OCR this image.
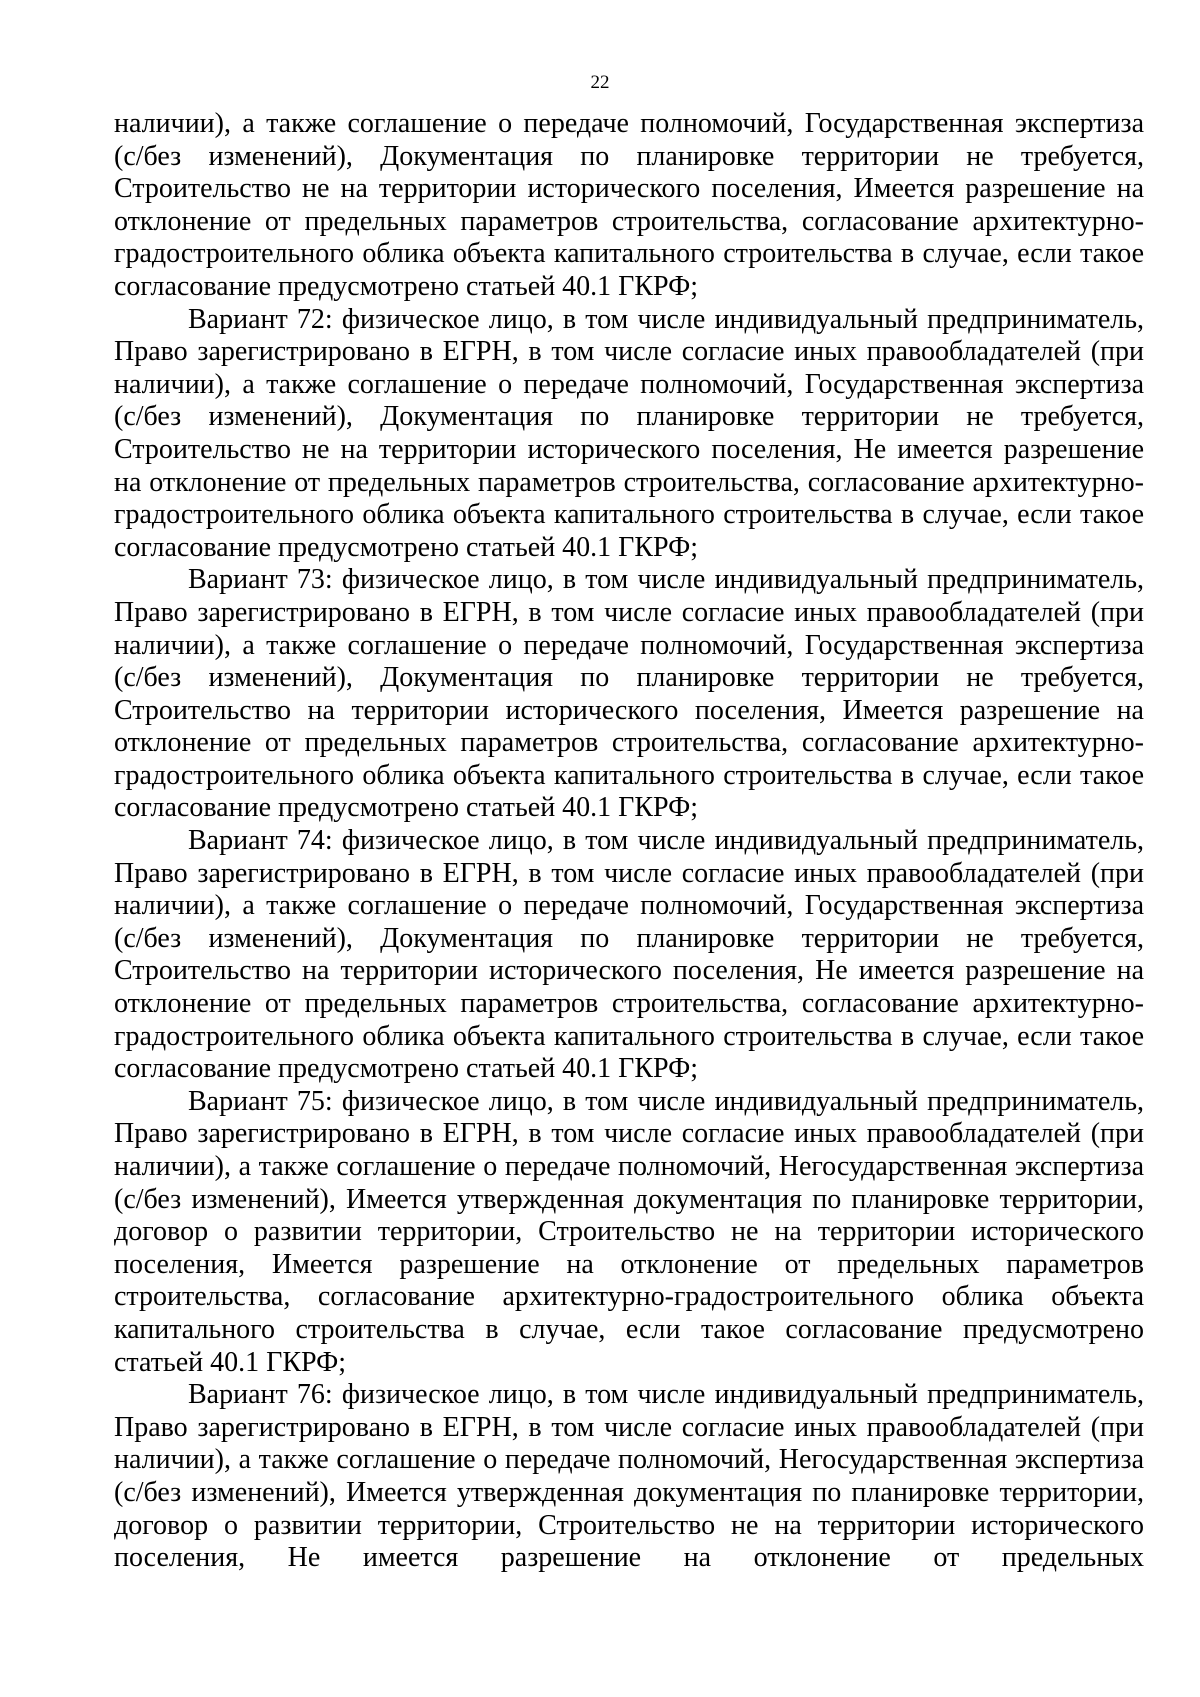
22

наличии), а также соглашение о передаче полномочий, Государственная экспертиза (с/без изменений), Документация по планировке территории не требуется, Строительство не на территории исторического поселения, Имеется разрешение на отклонение от предельных параметров строительства, согласование архитектурно-градостроительного облика объекта капитального строительства в случае, если такое согласование предусмотрено статьей 40.1 ГКРФ;

Вариант 72: физическое лицо, в том числе индивидуальный предприниматель, Право зарегистрировано в ЕГРН, в том числе согласие иных правообладателей (при наличии), а также соглашение о передаче полномочий, Государственная экспертиза (с/без изменений), Документация по планировке территории не требуется, Строительство не на территории исторического поселения, Не имеется разрешение на отклонение от предельных параметров строительства, согласование архитектурно-градостроительного облика объекта капитального строительства в случае, если такое согласование предусмотрено статьей 40.1 ГКРФ;

Вариант 73: физическое лицо, в том числе индивидуальный предприниматель, Право зарегистрировано в ЕГРН, в том числе согласие иных правообладателей (при наличии), а также соглашение о передаче полномочий, Государственная экспертиза (с/без изменений), Документация по планировке территории не требуется, Строительство на территории исторического поселения, Имеется разрешение на отклонение от предельных параметров строительства, согласование архитектурно-градостроительного облика объекта капитального строительства в случае, если такое согласование предусмотрено статьей 40.1 ГКРФ;

Вариант 74: физическое лицо, в том числе индивидуальный предприниматель, Право зарегистрировано в ЕГРН, в том числе согласие иных правообладателей (при наличии), а также соглашение о передаче полномочий, Государственная экспертиза (с/без изменений), Документация по планировке территории не требуется, Строительство на территории исторического поселения, Не имеется разрешение на отклонение от предельных параметров строительства, согласование архитектурно-градостроительного облика объекта капитального строительства в случае, если такое согласование предусмотрено статьей 40.1 ГКРФ;

Вариант 75: физическое лицо, в том числе индивидуальный предприниматель, Право зарегистрировано в ЕГРН, в том числе согласие иных правообладателей (при наличии), а также соглашение о передаче полномочий, Негосударственная экспертиза (с/без изменений), Имеется утвержденная документация по планировке территории, договор о развитии территории, Строительство не на территории исторического поселения, Имеется разрешение на отклонение от предельных параметров строительства, согласование архитектурно-градостроительного облика объекта капитального строительства в случае, если такое согласование предусмотрено статьей 40.1 ГКРФ;

Вариант 76: физическое лицо, в том числе индивидуальный предприниматель, Право зарегистрировано в ЕГРН, в том числе согласие иных правообладателей (при наличии), а также соглашение о передаче полномочий, Негосударственная экспертиза (с/без изменений), Имеется утвержденная документация по планировке территории, договор о развитии территории, Строительство не на территории исторического поселения, Не имеется разрешение на отклонение от предельных
